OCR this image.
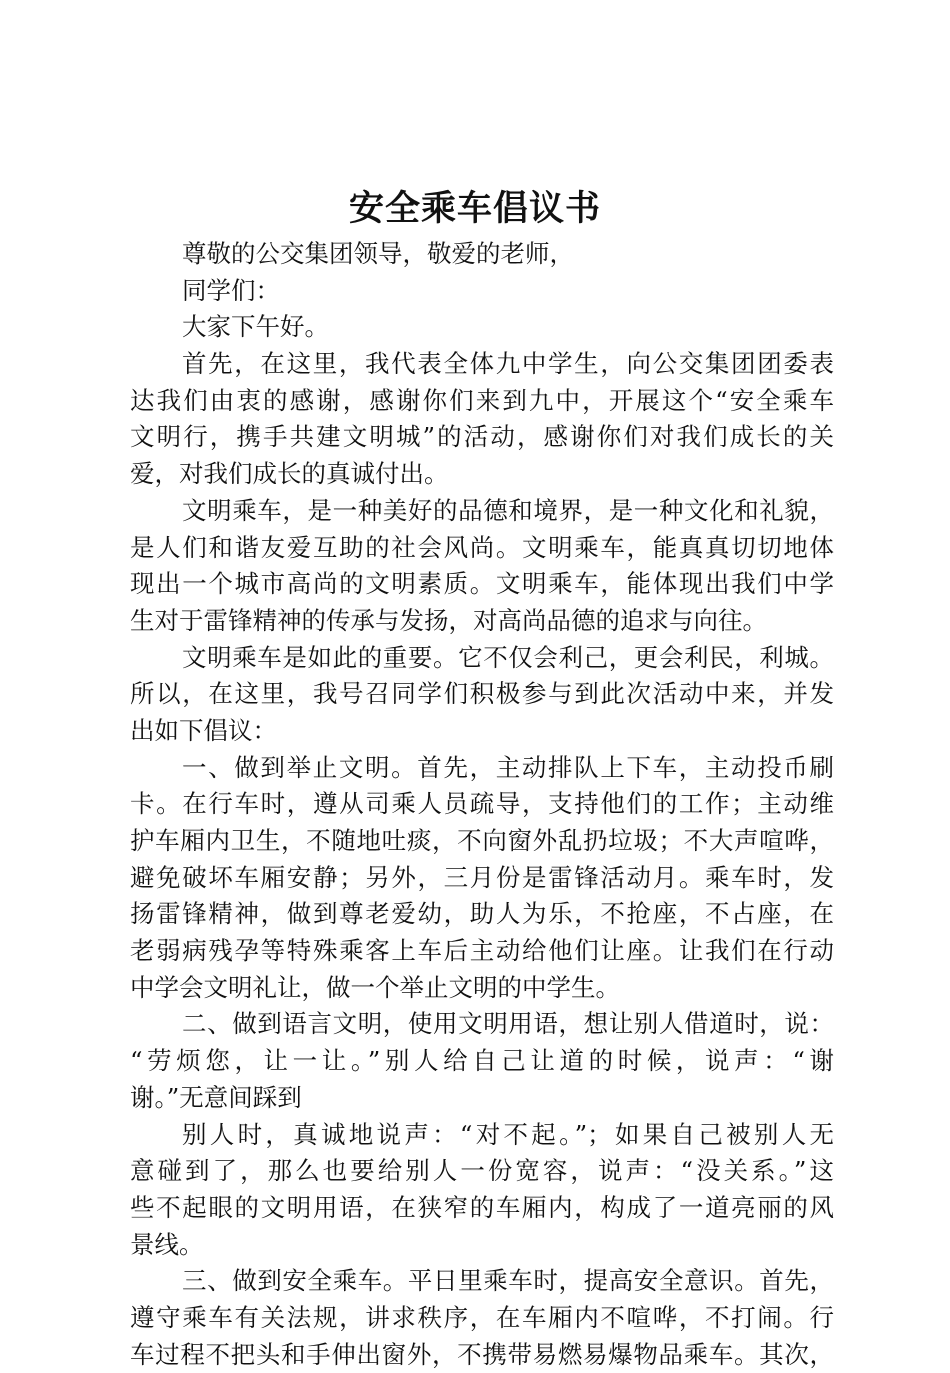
安全乘车倡议书
尊敬的公交集团领导，敬爱的老师，
同学们：
大家下午好。
首先，在这里，我代表全体九中学生，向公交集团团委表
达我们由衷的感谢，感谢你们来到九中，开展这个“安全乘车
文明行，携手共建文明城”的活动，感谢你们对我们成长的关
爱，对我们成长的真诚付出。
文明乘车，是一种美好的品德和境界，是一种文化和礼貌，
是人们和谐友爱互助的社会风尚。文明乘车，能真真切切地体
现出一个城市高尚的文明素质。文明乘车，能体现出我们中学
生对于雷锋精神的传承与发扬，对高尚品德的追求与向往。
文明乘车是如此的重要。它不仅会利己，更会利民，利城。
所以，在这里，我号召同学们积极参与到此次活动中来，并发
出如下倡议：
一、做到举止文明。首先，主动排队上下车，主动投币刷
卡。在行车时，遵从司乘人员疏导，支持他们的工作；主动维
护车厢内卫生，不随地吐痰，不向窗外乱扔垃圾；不大声喧哗，
避免破坏车厢安静；另外，三月份是雷锋活动月。乘车时，发
扬雷锋精神，做到尊老爱幼，助人为乐，不抢座，不占座，在
老弱病残孕等特殊乘客上车后主动给他们让座。让我们在行动
中学会文明礼让，做一个举止文明的中学生。
二、做到语言文明，使用文明用语，想让别人借道时，说：
“劳烦您，让一让。”别人给自己让道的时候，说声：“谢
谢。”无意间踩到
别人时，真诚地说声：“对不起。”；如果自己被别人无
意碰到了，那么也要给别人一份宽容，说声：“没关系。”这
些不起眼的文明用语，在狭窄的车厢内，构成了一道亮丽的风
景线。
三、做到安全乘车。平日里乘车时，提高安全意识。首先，
遵守乘车有关法规，讲求秩序，在车厢内不喧哗，不打闹。行
车过程不把头和手伸出窗外，不携带易燃易爆物品乘车。其次，
